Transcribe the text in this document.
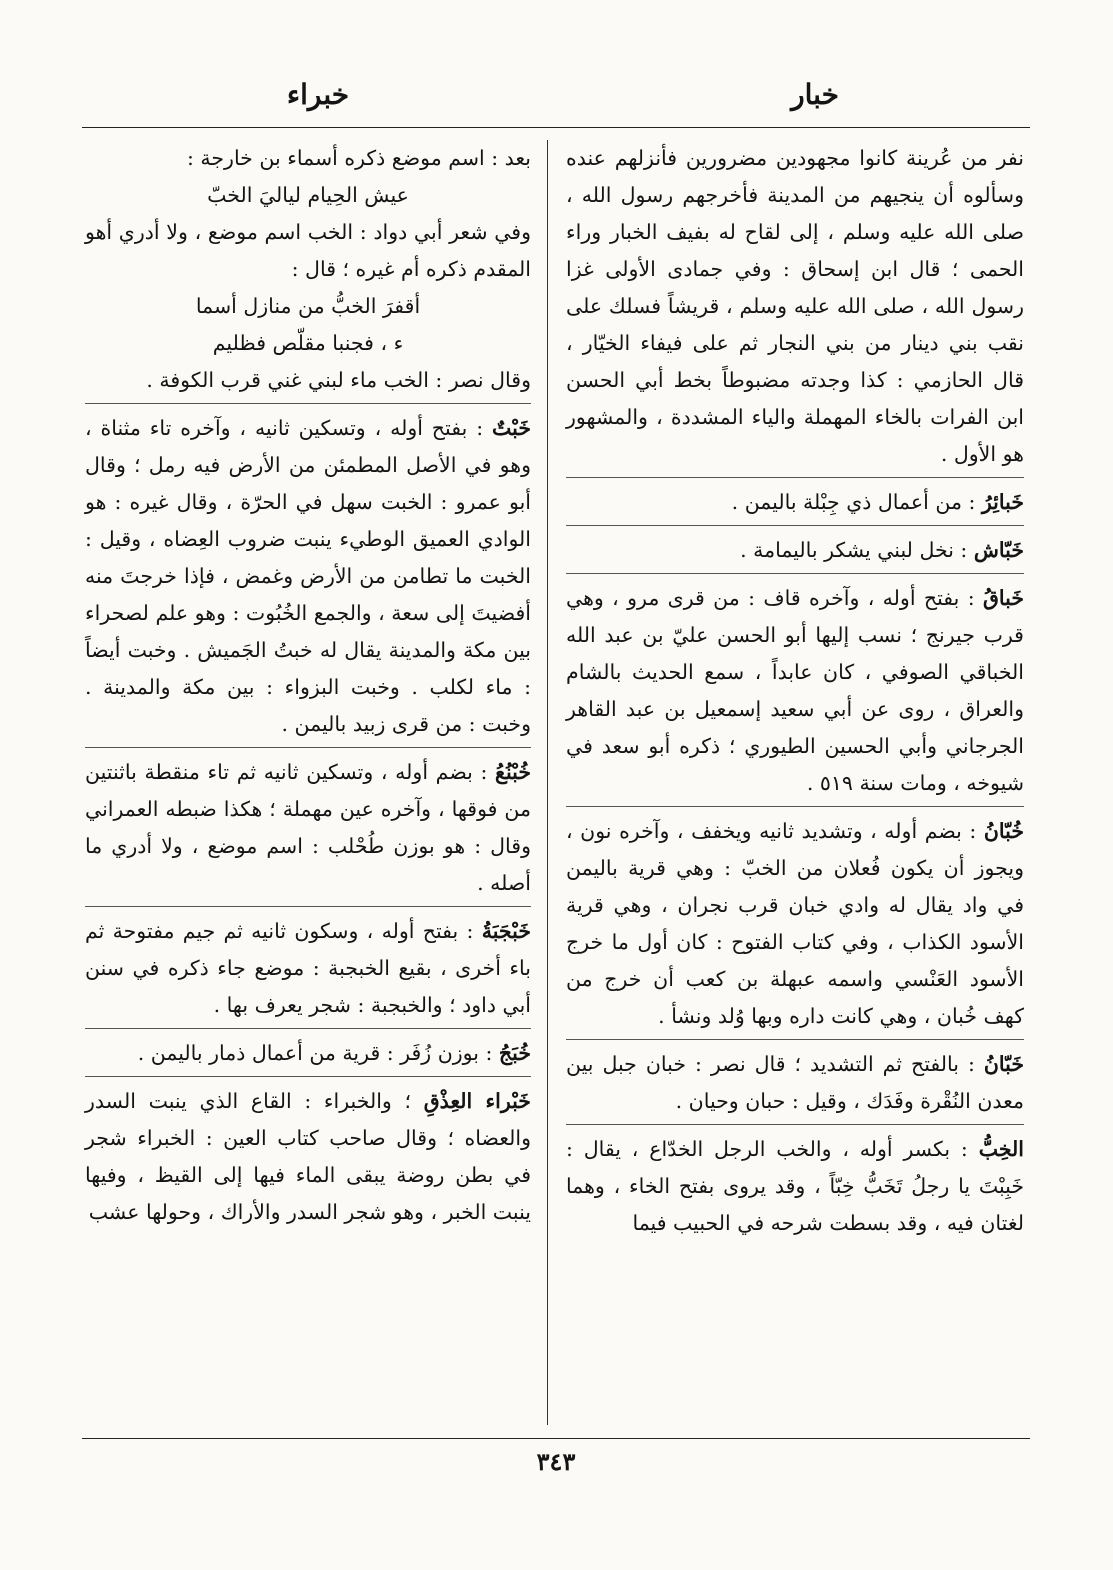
خبار
خبراء
نفر من عُرينة كانوا مجهودين مضرورين فأنزلهم عنده وسألوه أن ينجيهم من المدينة فأخرجهم رسول الله ، صلى الله عليه وسلم ، إلى لقاح له بفيف الخبار وراء الحمى ؛ قال ابن إسحاق : وفي جمادى الأولى غزا رسول الله ، صلى الله عليه وسلم ، قريشاً فسلك على نقب بني دينار من بني النجار ثم على فيفاء الخيّار ، قال الحازمي : كذا وجدته مضبوطاً بخط أبي الحسن ابن الفرات بالخاء المهملة والياء المشددة ، والمشهور هو الأول .
خَبائِرُ : من أعمال ذي جِبْلة باليمن .
خَبّاش : نخل لبني يشكر باليمامة .
خَباقُ : بفتح أوله ، وآخره قاف : من قرى مرو ، وهي قرب جيرنج ؛ نسب إليها أبو الحسن عليّ بن عبد الله الخباقي الصوفي ، كان عابداً ، سمع الحديث بالشام والعراق ، روى عن أبي سعيد إسمعيل بن عبد القاهر الجرجاني وأبي الحسين الطيوري ؛ ذكره أبو سعد في شيوخه ، ومات سنة ٥١٩ .
خُبّانُ : بضم أوله ، وتشديد ثانيه ويخفف ، وآخره نون ، ويجوز أن يكون فُعلان من الخبّ : وهي قرية باليمن في واد يقال له وادي خبان قرب نجران ، وهي قرية الأسود الكذاب ، وفي كتاب الفتوح : كان أول ما خرج الأسود العَنْسي واسمه عبهلة بن كعب أن خرج من كهف خُبان ، وهي كانت داره وبها وُلد ونشأ .
خَبّانُ : بالفتح ثم التشديد ؛ قال نصر : خبان جبل بين معدن النُقْرة وفَدَك ، وقيل : حبان وحيان .
الخِبُّ : بكسر أوله ، والخب الرجل الخدّاع ، يقال : خَبِبْتَ يا رجلُ تَخَبُّ خِبّاً ، وقد يروى بفتح الخاء ، وهما لغتان فيه ، وقد بسطت شرحه في الحبيب فيما

بعد : اسم موضع ذكره أسماء بن خارجة :

عيش الحِيام لياليَ الخبّ

وفي شعر أبي دواد : الخب اسم موضع ، ولا أدري أهو المقدم ذكره أم غيره ؛ قال :

أقفرَ الخبُّ من منازل أسما
ء ، فجنبا مقلّص فظليم

وقال نصر : الخب ماء لبني غني قرب الكوفة .

خَبْتٌ : بفتح أوله ، وتسكين ثانيه ، وآخره تاء مثناة ، وهو في الأصل المطمئن من الأرض فيه رمل ؛ وقال أبو عمرو : الخبت سهل في الحرّة ، وقال غيره : هو الوادي العميق الوطيء ينبت ضروب العِضاه ، وقيل : الخبت ما تطامن من الأرض وغمض ، فإذا خرجتَ منه أفضيتَ إلى سعة ، والجمع الخُبُوت : وهو علم لصحراء بين مكة والمدينة يقال له خبتُ الجَميش . وخبت أيضاً : ماء لكلب . وخبت البزواء : بين مكة والمدينة . وخبت : من قرى زبيد باليمن .
خُبْنُعُ : بضم أوله ، وتسكين ثانيه ثم تاء منقطة باثنتين من فوقها ، وآخره عين مهملة ؛ هكذا ضبطه العمراني وقال : هو بوزن طُحْلب : اسم موضع ، ولا أدري ما أصله .
خَبْجَبَةُ : بفتح أوله ، وسكون ثانيه ثم جيم مفتوحة ثم باء أخرى ، بقيع الخبجبة : موضع جاء ذكره في سنن أبي داود ؛ والخبجبة : شجر يعرف بها .
خُبَجُ : بوزن زُفَر : قرية من أعمال ذمار باليمن .
خَبْراء العِذْقِ ؛ والخبراء : القاع الذي ينبت السدر والعضاه ؛ وقال صاحب كتاب العين : الخبراء شجر في بطن روضة يبقى الماء فيها إلى القيظ ، وفيها ينبت الخبر ، وهو شجر السدر والأراك ، وحولها عشب
٣٤٣
